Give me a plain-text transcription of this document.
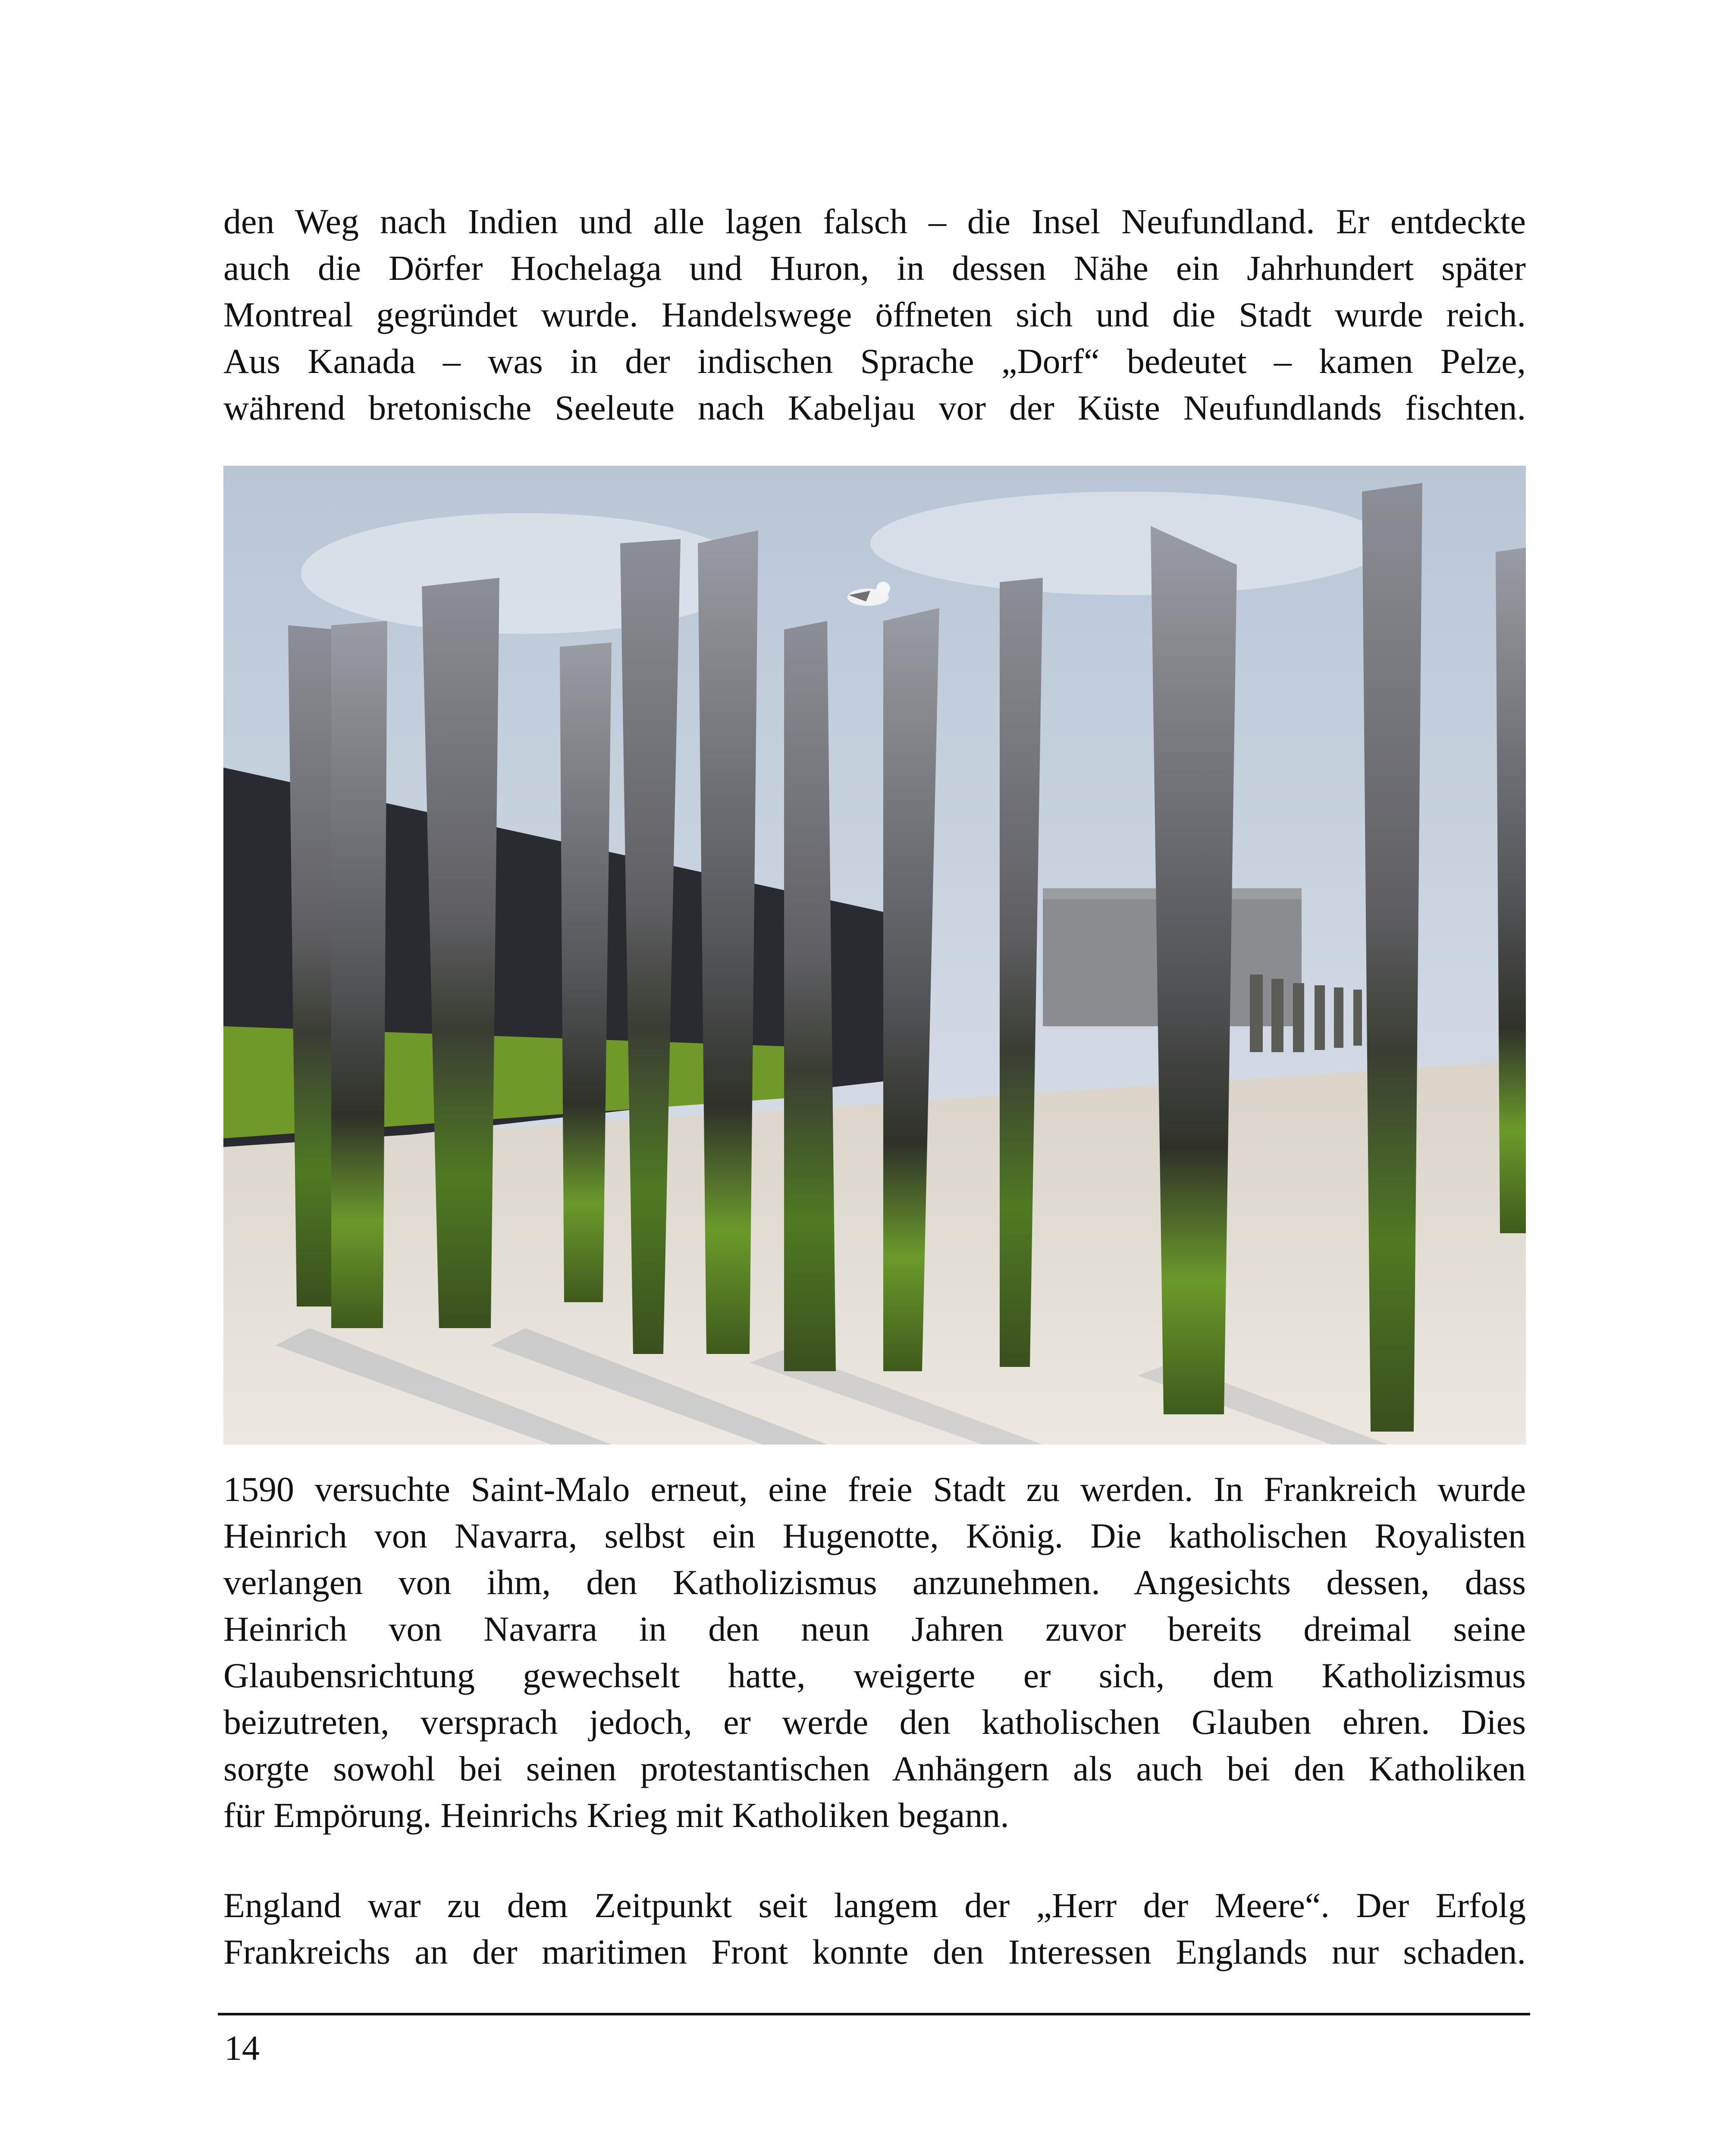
den Weg nach Indien und alle lagen falsch – die Insel Neufundland. Er entdeckte
auch die Dörfer Hochelaga und Huron, in dessen Nähe ein Jahrhundert später
Montreal gegründet wurde. Handelswege öffneten sich und die Stadt wurde reich.
Aus Kanada – was in der indischen Sprache „Dorf“ bedeutet – kamen Pelze,
während bretonische Seeleute nach Kabeljau vor der Küste Neufundlands fischten.
1590 versuchte Saint-Malo erneut, eine freie Stadt zu werden. In Frankreich wurde
Heinrich von Navarra, selbst ein Hugenotte, König. Die katholischen Royalisten
verlangen von ihm, den Katholizismus anzunehmen. Angesichts dessen, dass
Heinrich von Navarra in den neun Jahren zuvor bereits dreimal seine
Glaubensrichtung gewechselt hatte, weigerte er sich, dem Katholizismus
beizutreten, versprach jedoch, er werde den katholischen Glauben ehren. Dies
sorgte sowohl bei seinen protestantischen Anhängern als auch bei den Katholiken
für Empörung. Heinrichs Krieg mit Katholiken begann.
England war zu dem Zeitpunkt seit langem der „Herr der Meere“. Der Erfolg
Frankreichs an der maritimen Front konnte den Interessen Englands nur schaden.
14
